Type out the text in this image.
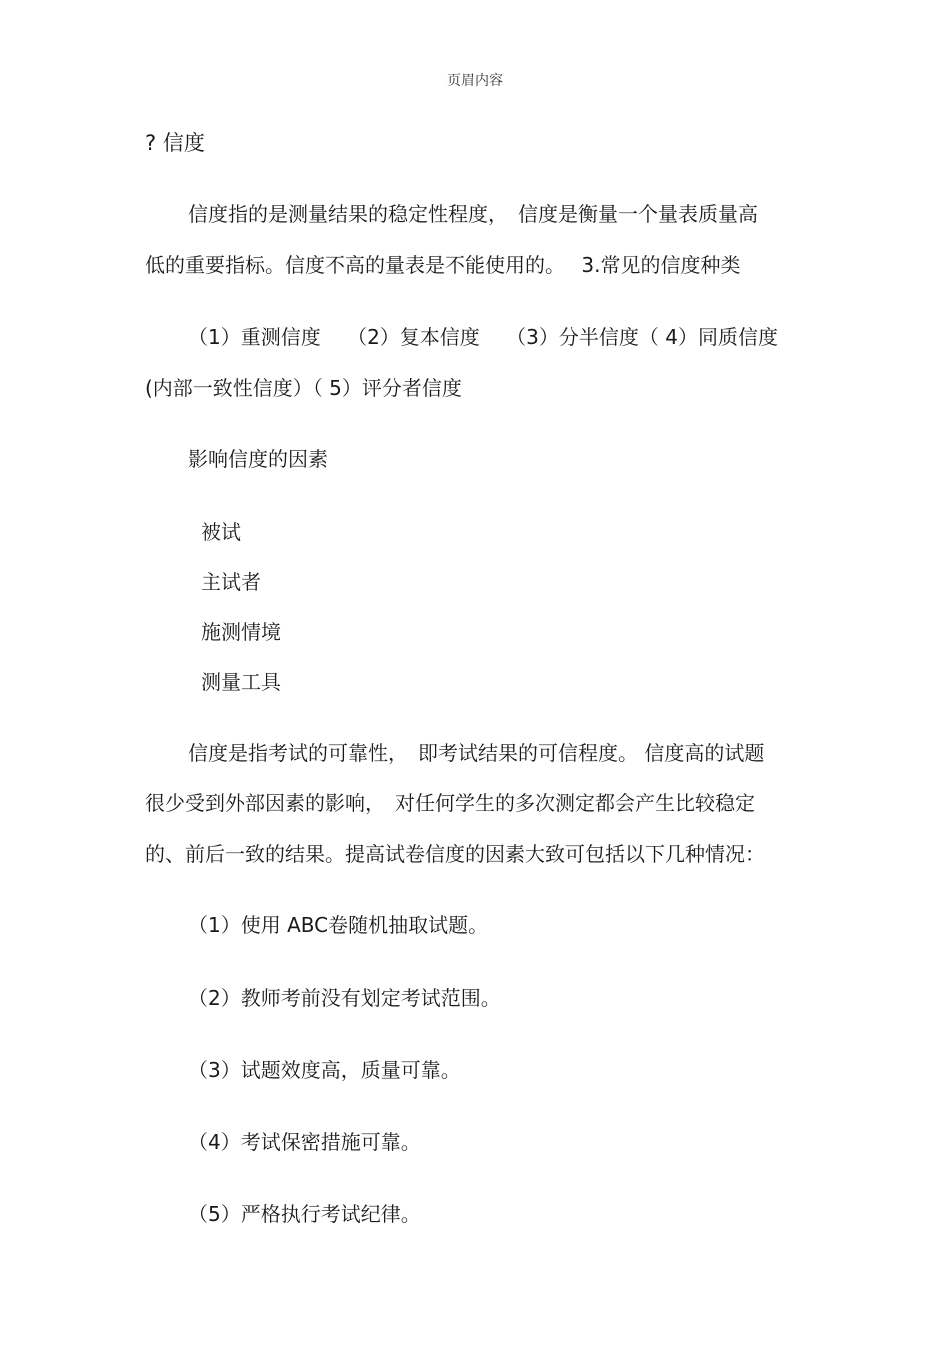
页眉内容
? 信度
信度指的是测量结果的稳定性程度，　信度是衡量一个量表质量高
低的重要指标。信度不高的量表是不能使用的。　 3.常见的信度种类
（1）重测信度　 （2）复本信度　 （3）分半信度（ 4）同质信度
(内部一致性信度）（ 5）评分者信度
影响信度的因素
被试
主试者
施测情境
测量工具
信度是指考试的可靠性，　即考试结果的可信程度。 信度高的试题
很少受到外部因素的影响，　对任何学生的多次测定都会产生比较稳定
的、前后一致的结果。提高试卷信度的因素大致可包括以下几种情况：
（1）使用 ABC卷随机抽取试题。
（2）教师考前没有划定考试范围。
（3）试题效度高，质量可靠。
（4）考试保密措施可靠。
（5）严格执行考试纪律。
